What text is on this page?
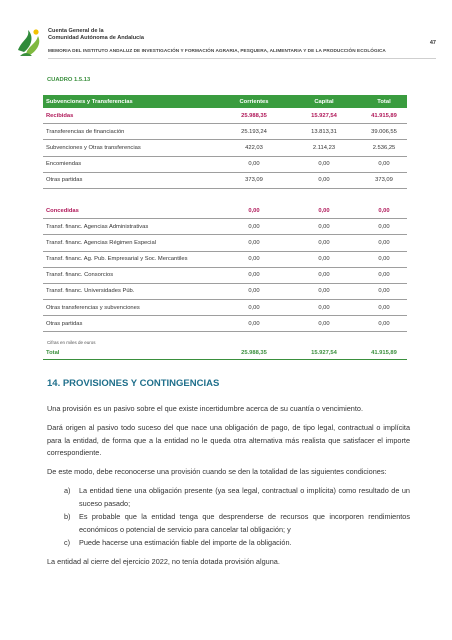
Cuenta General de la
Comunidad Autónoma de Andalucía
47
MEMORIA DEL INSTITUTO ANDALUZ DE INVESTIGACIÓN Y FORMACIÓN AGRARIA, PESQUERA, ALIMENTARIA Y DE LA PRODUCCIÓN ECOLÓGICA
CUADRO 1.5.13
Subvenciones y Transferencias	Corrientes	Capital	Total
Recibidas	25.988,35	15.927,54	41.915,89
Transferencias de financiación	25.193,24	13.813,31	39.006,55
Subvenciones y Otras transferencias	422,03	2.114,23	2.536,25
Encomiendas	0,00	0,00	0,00
Otras partidas	373,09	0,00	373,09

Concedidas	0,00	0,00	0,00
Transf. financ. Agencias Administrativas	0,00	0,00	0,00
Transf. financ. Agencias Régimen Especial	0,00	0,00	0,00
Transf. financ. Ag. Pub. Empresarial y Soc. Mercantiles	0,00	0,00	0,00
Transf. financ. Consorcios	0,00	0,00	0,00
Transf. financ. Universidades Púb.	0,00	0,00	0,00
Otras transferencias y subvenciones	0,00	0,00	0,00
Otras partidas	0,00	0,00	0,00

Total	25.988,35	15.927,54	41.915,89
Cifras en miles de euros
14. PROVISIONES Y CONTINGENCIAS

Una provisión es un pasivo sobre el que existe incertidumbre acerca de su cuantía o vencimiento.

Dará origen al pasivo todo suceso del que nace una obligación de pago, de tipo legal, contractual o implícita para la entidad, de forma que a la entidad no le queda otra alternativa más realista que satisfacer el importe correspondiente.

De este modo, debe reconocerse una provisión cuando se den la totalidad de las siguientes condiciones:

a) La entidad tiene una obligación presente (ya sea legal, contractual o implícita) como resultado de un suceso pasado;
b) Es probable que la entidad tenga que desprenderse de recursos que incorporen rendimientos económicos o potencial de servicio para cancelar tal obligación; y
c) Puede hacerse una estimación fiable del importe de la obligación.

La entidad al cierre del ejercicio 2022, no tenía dotada provisión alguna.
